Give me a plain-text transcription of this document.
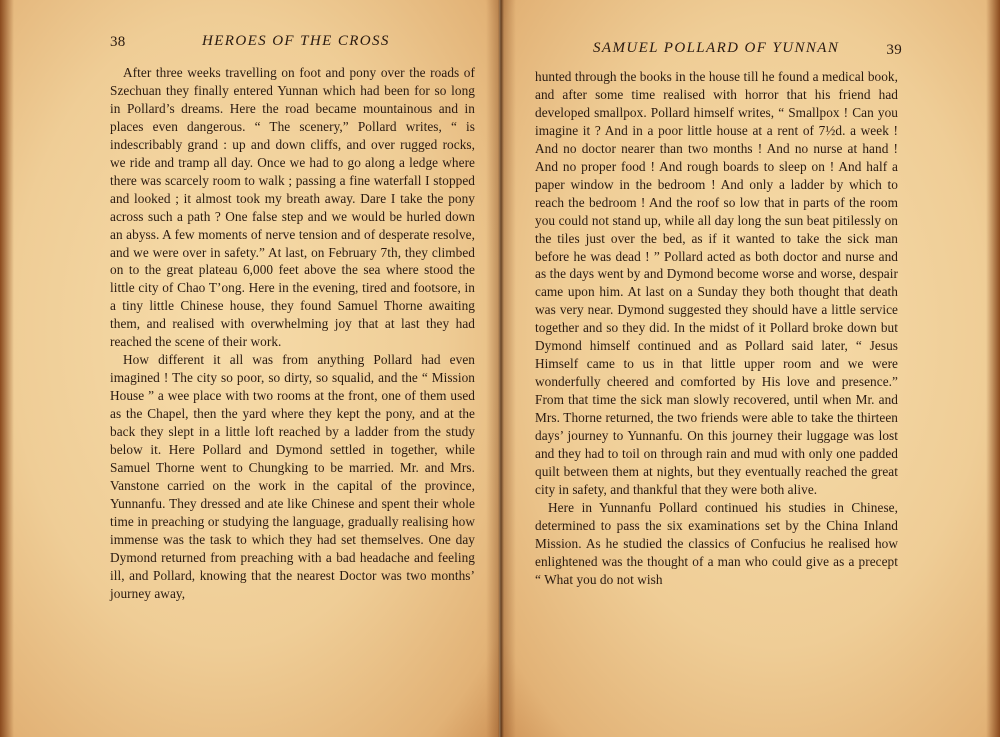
38	HEROES OF THE CROSS

After three weeks travelling on foot and pony over the roads of Szechuan they finally entered Yunnan which had been for so long in Pollard’s dreams. Here the road became mountainous and in places even dangerous. “ The scenery,” Pollard writes, “ is indescribably grand : up and down cliffs, and over rugged rocks, we ride and tramp all day. Once we had to go along a ledge where there was scarcely room to walk ; passing a fine waterfall I stopped and looked ; it almost took my breath away. Dare I take the pony across such a path ? One false step and we would be hurled down an abyss. A few moments of nerve tension and of desperate resolve, and we were over in safety.” At last, on February 7th, they climbed on to the great plateau 6,000 feet above the sea where stood the little city of Chao T’ong. Here in the evening, tired and footsore, in a tiny little Chinese house, they found Samuel Thorne awaiting them, and realised with overwhelming joy that at last they had reached the scene of their work.

How different it all was from anything Pollard had even imagined ! The city so poor, so dirty, so squalid, and the “ Mission House ” a wee place with two rooms at the front, one of them used as the Chapel, then the yard where they kept the pony, and at the back they slept in a little loft reached by a ladder from the study below it. Here Pollard and Dymond settled in together, while Samuel Thorne went to Chungking to be married. Mr. and Mrs. Vanstone carried on the work in the capital of the province, Yunnanfu. They dressed and ate like Chinese and spent their whole time in preaching or studying the language, gradually realising how immense was the task to which they had set themselves. One day Dymond returned from preaching with a bad headache and feeling ill, and Pollard, knowing that the nearest Doctor was two months’ journey away,

SAMUEL POLLARD OF YUNNAN	39

hunted through the books in the house till he found a medical book, and after some time realised with horror that his friend had developed smallpox. Pollard himself writes, “ Smallpox ! Can you imagine it ? And in a poor little house at a rent of 7½d. a week ! And no doctor nearer than two months ! And no nurse at hand ! And no proper food ! And rough boards to sleep on ! And half a paper window in the bedroom ! And only a ladder by which to reach the bedroom ! And the roof so low that in parts of the room you could not stand up, while all day long the sun beat pitilessly on the tiles just over the bed, as if it wanted to take the sick man before he was dead ! ” Pollard acted as both doctor and nurse and as the days went by and Dymond become worse and worse, despair came upon him. At last on a Sunday they both thought that death was very near. Dymond suggested they should have a little service together and so they did. In the midst of it Pollard broke down but Dymond himself continued and as Pollard said later, “ Jesus Himself came to us in that little upper room and we were wonderfully cheered and comforted by His love and presence.” From that time the sick man slowly recovered, until when Mr. and Mrs. Thorne returned, the two friends were able to take the thirteen days’ journey to Yunnanfu. On this journey their luggage was lost and they had to toil on through rain and mud with only one padded quilt between them at nights, but they eventually reached the great city in safety, and thankful that they were both alive.

Here in Yunnanfu Pollard continued his studies in Chinese, determined to pass the six examinations set by the China Inland Mission. As he studied the classics of Confucius he realised how enlightened was the thought of a man who could give as a precept “ What you do not wish
